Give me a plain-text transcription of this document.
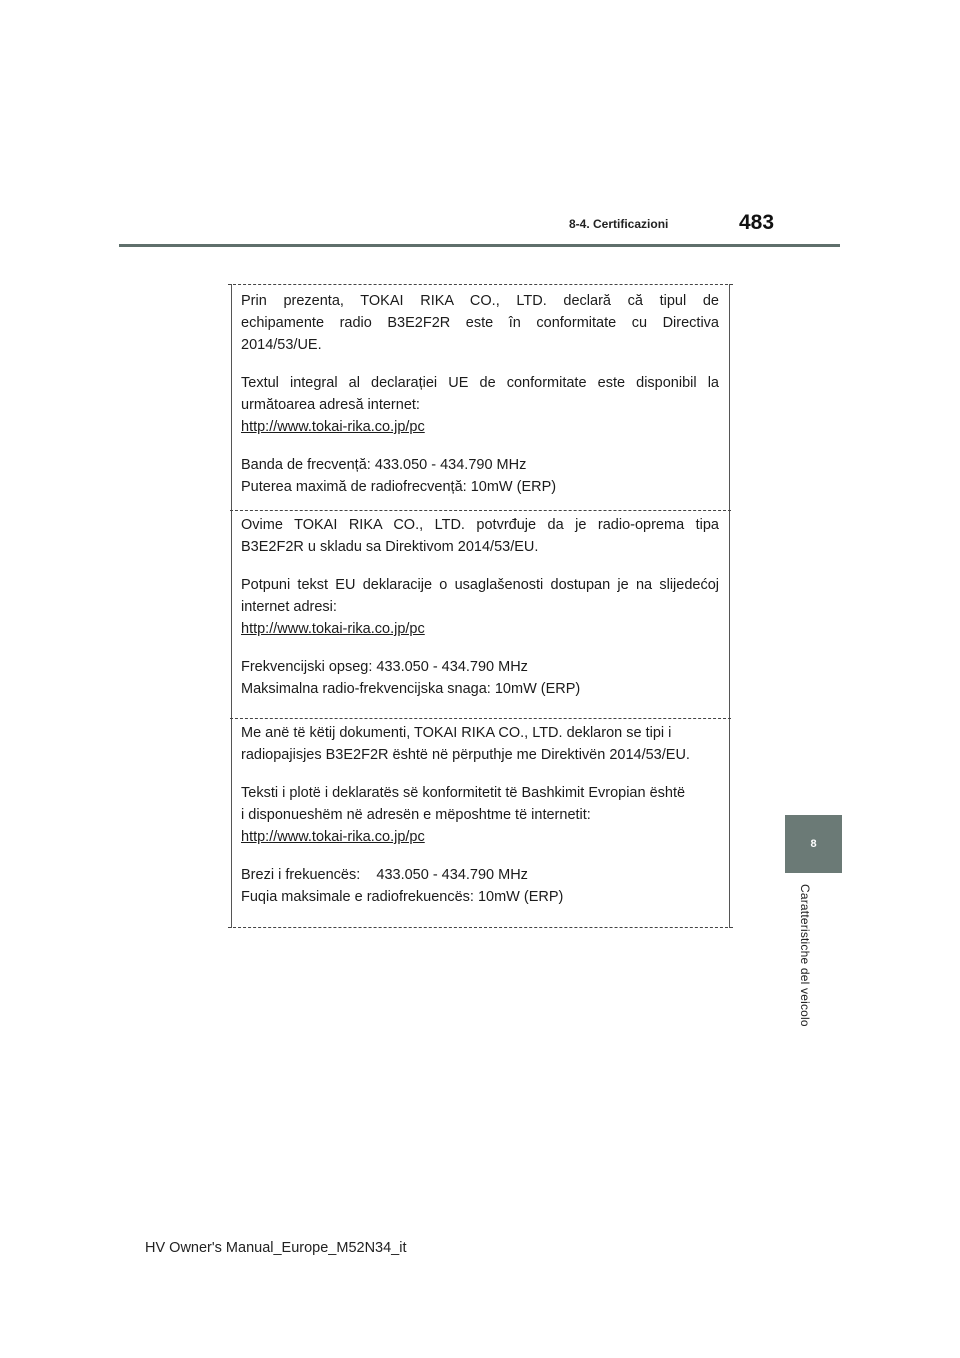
8-4. Certificazioni	483
8
Caratteristiche del veicolo

Prin prezenta, TOKAI RIKA CO., LTD. declară că tipul de
echipamente radio B3E2F2R este în conformitate cu Directiva
2014/53/UE.

Textul integral al declarației UE de conformitate este disponibil la
următoarea adresă internet:
http://www.tokai-rika.co.jp/pc

Banda de frecvență: 433.050 - 434.790 MHz
Puterea maximă de radiofrecvență: 10mW (ERP)

Ovime TOKAI RIKA CO., LTD. potvrđuje da je radio-oprema tipa
B3E2F2R u skladu sa Direktivom 2014/53/EU.

Potpuni tekst EU deklaracije o usaglašenosti dostupan je na slijedećoj
internet adresi:
http://www.tokai-rika.co.jp/pc

Frekvencijski opseg: 433.050 - 434.790 MHz
Maksimalna radio-frekvencijska snaga: 10mW (ERP)

Me anë të këtij dokumenti, TOKAI RIKA CO., LTD. deklaron se tipi i
radiopajisjes B3E2F2R është në përputhje me Direktivën 2014/53/EU.

Teksti i plotë i deklaratës së konformitetit të Bashkimit Evropian është
i disponueshëm në adresën e mëposhtme të internetit:
http://www.tokai-rika.co.jp/pc

Brezi i frekuencës:    433.050 - 434.790 MHz
Fuqia maksimale e radiofrekuencës: 10mW (ERP)

HV Owner's Manual_Europe_M52N34_it
